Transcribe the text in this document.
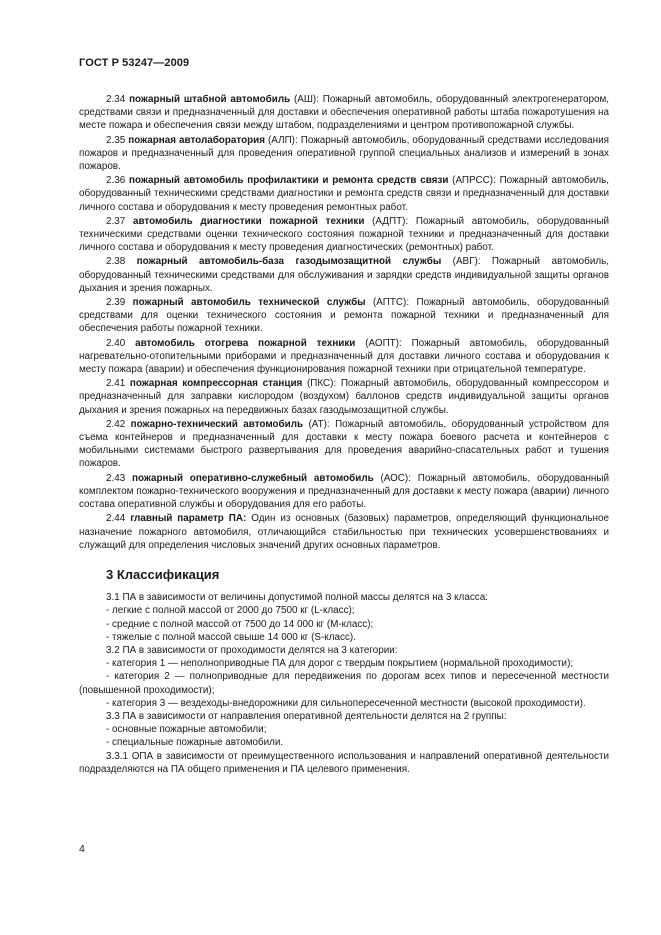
ГОСТ Р 53247—2009

2.34 пожарный штабной автомобиль (АШ): Пожарный автомобиль, оборудованный электрогенератором, средствами связи и предназначенный для доставки и обеспечения оперативной работы штаба пожаротушения на месте пожара и обеспечения связи между штабом, подразделениями и центром противопожарной службы.

2.35 пожарная автолаборатория (АЛП): Пожарный автомобиль, оборудованный средствами исследования пожаров и предназначенный для проведения оперативной группой специальных анализов и измерений в зонах пожаров.

2.36 пожарный автомобиль профилактики и ремонта средств связи (АПРСС): Пожарный автомобиль, оборудованный техническими средствами диагностики и ремонта средств связи и предназначенный для доставки личного состава и оборудования к месту проведения ремонтных работ.

2.37 автомобиль диагностики пожарной техники (АДПТ): Пожарный автомобиль, оборудованный техническими средствами оценки технического состояния пожарной техники и предназначенный для доставки личного состава и оборудования к месту проведения диагностических (ремонтных) работ.

2.38 пожарный автомобиль-база газодымозащитной службы (АВГ): Пожарный автомобиль, оборудованный техническими средствами для обслуживания и зарядки средств индивидуальной защиты органов дыхания и зрения пожарных.

2.39 пожарный автомобиль технической службы (АПТС): Пожарный автомобиль, оборудованный средствами для оценки технического состояния и ремонта пожарной техники и предназначенный для обеспечения работы пожарной техники.

2.40 автомобиль отогрева пожарной техники (АОПТ): Пожарный автомобиль, оборудованный нагревательно-отопительными приборами и предназначенный для доставки личного состава и оборудования к месту пожара (аварии) и обеспечения функционирования пожарной техники при отрицательной температуре.

2.41 пожарная компрессорная станция (ПКС): Пожарный автомобиль, оборудованный компрессором и предназначенный для заправки кислородом (воздухом) баллонов средств индивидуальной защиты органов дыхания и зрения пожарных на передвижных базах газодымозащитной службы.

2.42 пожарно-технический автомобиль (АТ): Пожарный автомобиль, оборудованный устройством для съема контейнеров и предназначенный для доставки к месту пожара боевого расчета и контейнеров с мобильными системами быстрого развертывания для проведения аварийно-спасательных работ и тушения пожаров.

2.43 пожарный оперативно-служебный автомобиль (АОС): Пожарный автомобиль, оборудованный комплектом пожарно-технического вооружения и предназначенный для доставки к месту пожара (аварии) личного состава оперативной службы и оборудования для его работы.

2.44 главный параметр ПА: Один из основных (базовых) параметров, определяющий функциональное назначение пожарного автомобиля, отличающийся стабильностью при технических усовершенствованиях и служащий для определения числовых значений других основных параметров.

3 Классификация

3.1 ПА в зависимости от величины допустимой полной массы делятся на 3 класса:

- легкие с полной массой от 2000 до 7500 кг (L-класс);

- средние с полной массой от 7500 до 14 000 кг (М-класс);

- тяжелые с полной массой свыше 14 000 кг (S-класс).

3.2 ПА в зависимости от проходимости делятся на 3 категории:

- категория 1 — неполноприводные ПА для дорог с твердым покрытием (нормальной проходимости);

- категория 2 — полноприводные для передвижения по дорогам всех типов и пересеченной местности (повышенной проходимости);

- категория 3 — вездеходы-внедорожники для сильнопересеченной местности (высокой проходимости).

3.3 ПА в зависимости от направления оперативной деятельности делятся на 2 группы:

- основные пожарные автомобили;

- специальные пожарные автомобили.

3.3.1 ОПА в зависимости от преимущественного использования и направлений оперативной деятельности подразделяются на ПА общего применения и ПА целевого применения.

4
